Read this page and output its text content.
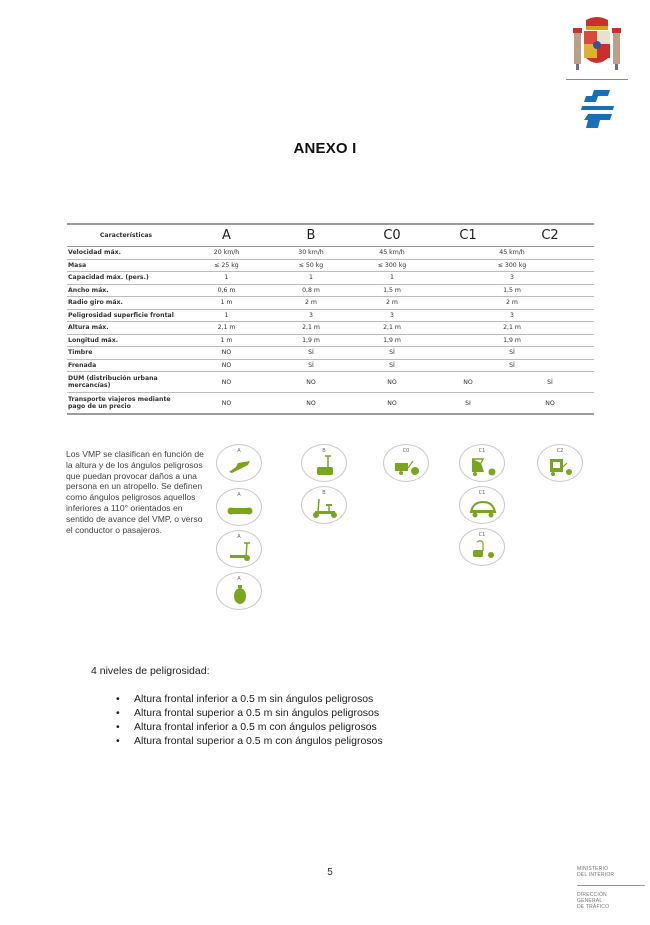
ANEXO I
Características	A	B	C0	C1	C2
Velocidad máx.	20 km/h	30 km/h	45 km/h	45 km/h	
Masa	≤ 25 kg	≤ 50 kg	≤ 300 kg	≤ 300 kg	
Capacidad máx. (pers.)	1	1	1	3	
Ancho máx.	0,6 m	0,8 m	1,5 m	1,5 m	
Radio giro máx.	1 m	2 m	2 m	2 m	
Peligrosidad superficie frontal	1	3	3	3	
Altura máx.	2,1 m	2,1 m	2,1 m	2,1 m	
Longitud máx.	1 m	1,9 m	1,9 m	1,9 m	
Timbre	NO	SÍ	SÍ	SÍ	
Frenada	NO	SÍ	SÍ	SÍ	
DUM (distribución urbana mercancías)	NO	NO	NO	NO	SÍ
Transporte viajeros mediante pago de un precio	NO	NO	NO	SI	NO
Los VMP se clasifican en función de la altura y de los ángulos peligrosos que puedan provocar daños a una persona en un atropello. Se definen como ángulos peligrosos aquellos inferiores a 110° orientados en sentido de avance del VMP, o verso el conductor o pasajeros.
A
A
A
A
B
B
C0	C1
C1
C1
C2
4 niveles de peligrosidad:
• Altura frontal inferior a 0.5 m sin ángulos peligrosos
• Altura frontal superior a 0.5 m sin ángulos peligrosos
• Altura frontal inferior a 0.5 m con ángulos peligrosos
• Altura frontal superior a 0.5 m con ángulos peligrosos
5	MINISTERIO
DEL INTERIOR
DIRECCIÓN
GENERAL
DE TRÁFICO
